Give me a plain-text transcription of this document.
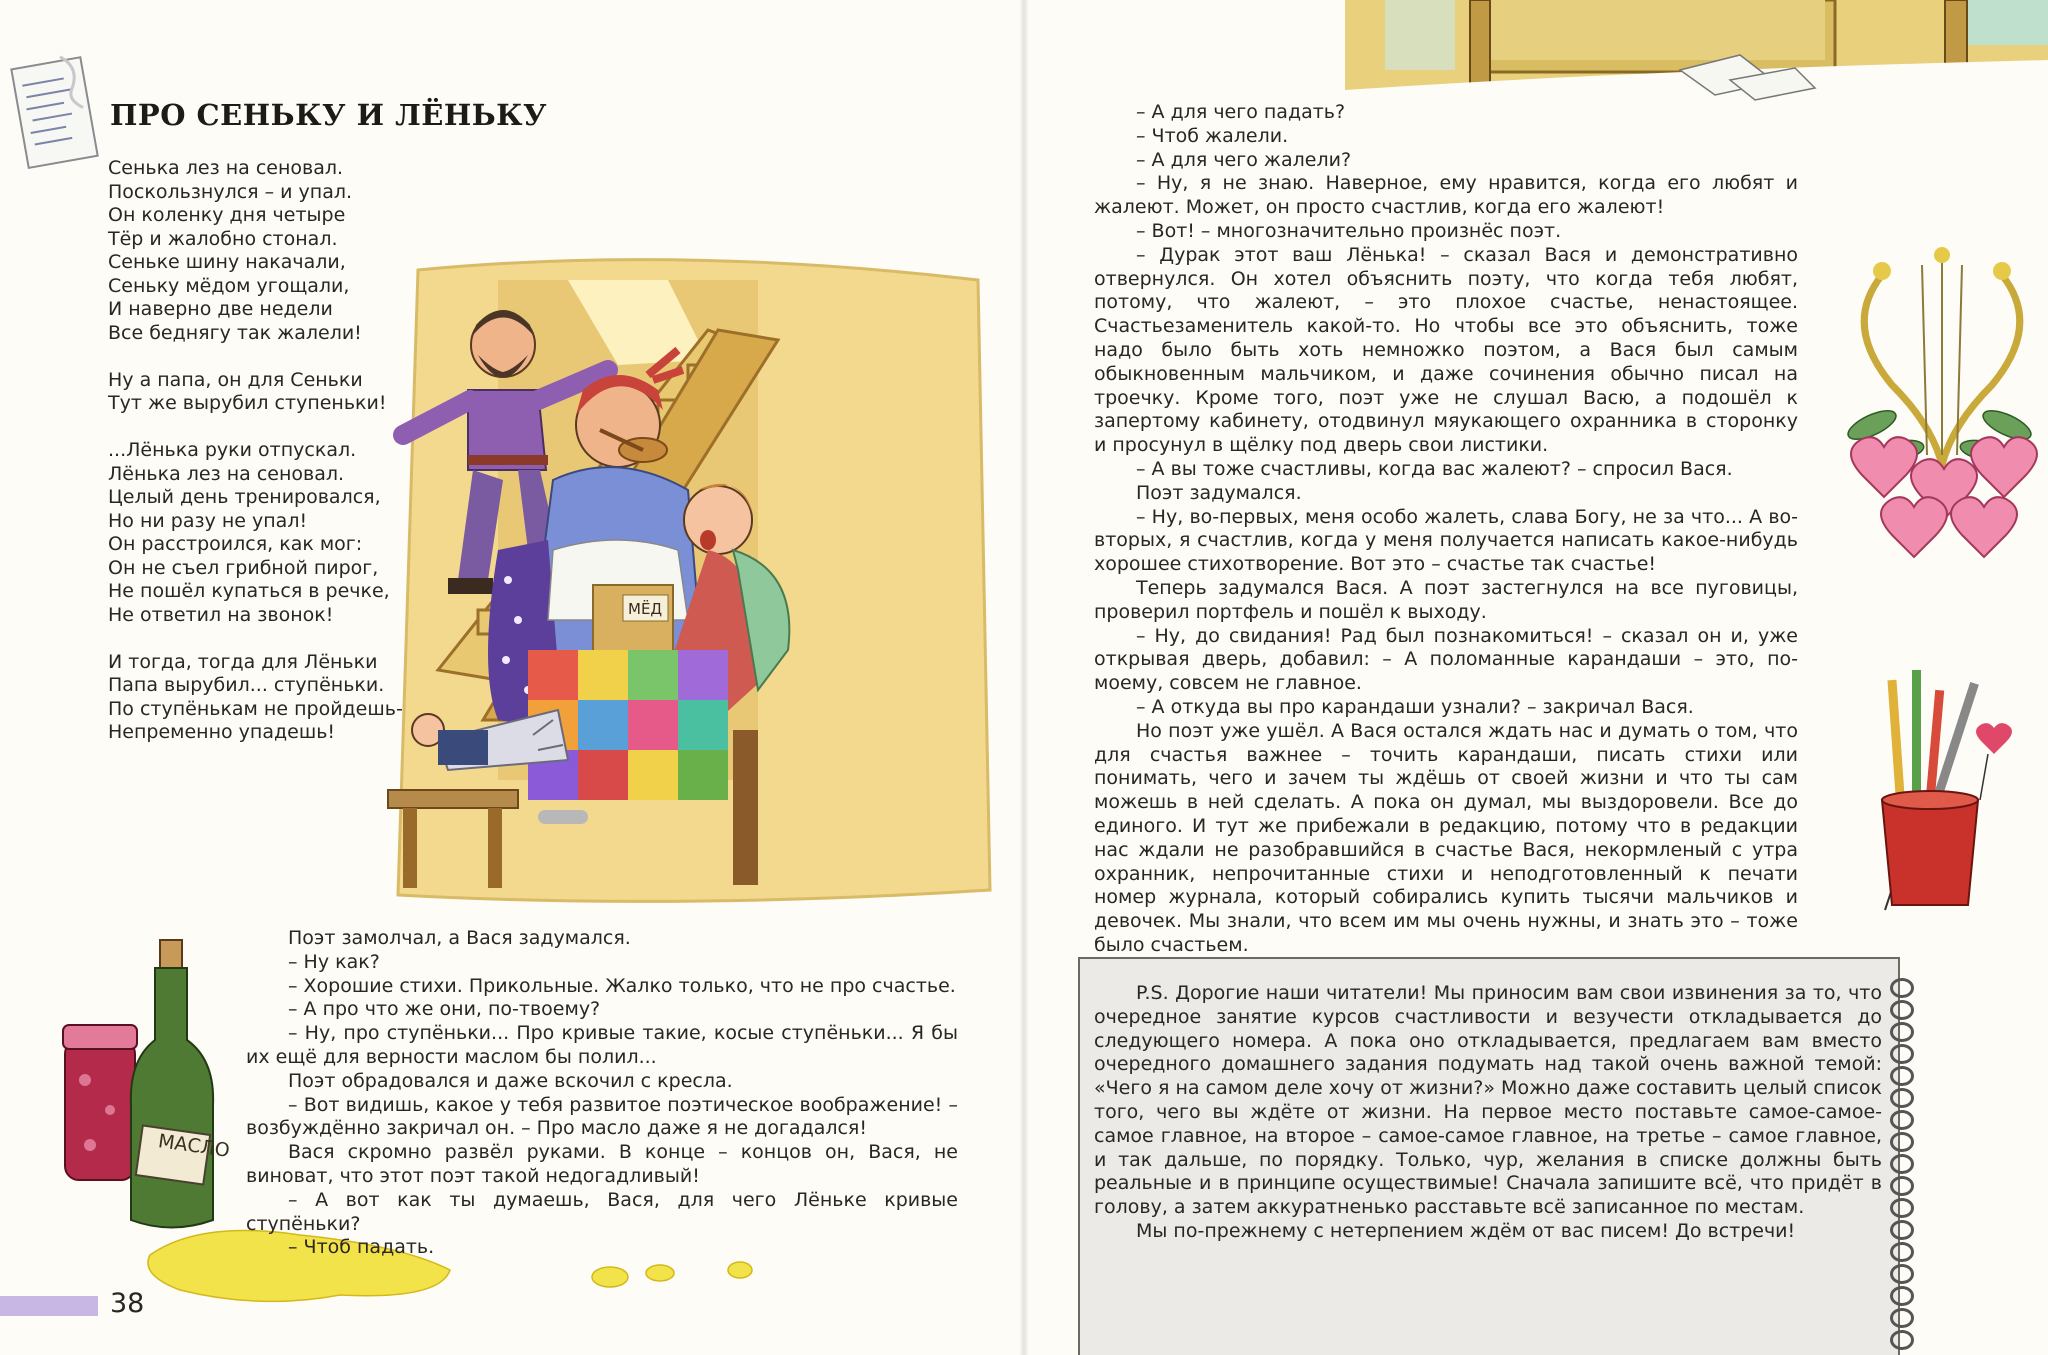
ПРО СЕНЬКУ И ЛЁНЬКУ
Сенька лез на сеновал.
Поскользнулся – и упал.
Он коленку дня четыре
Тёр и жалобно стонал.
Сеньке шину накачали,
Сеньку мёдом угощали,
И наверно две недели
Все беднягу так жалели!

Ну а папа, он для Сеньки
Тут же вырубил ступеньки!

...Лёнька руки отпускал.
Лёнька лез на сеновал.
Целый день тренировался,
Но ни разу не упал!
Он расстроился, как мог:
Он не съел грибной пирог,
Не пошёл купаться в речке,
Не ответил на звонок!

И тогда, тогда для Лёньки
Папа вырубил... ступёньки.
По ступёнькам не пройдешь-
Непременно упадешь!
МЁД
МАСЛО

Поэт замолчал, а Вася задумался.

– Ну как?

– Хорошие стихи. Прикольные. Жалко только, что не про счастье.

– А про что же они, по-твоему?

– Ну, про ступёньки... Про кривые такие, косые ступёньки... Я бы их ещё для верности маслом бы полил...

Поэт обрадовался и даже вскочил с кресла.

– Вот видишь, какое у тебя развитое поэтическое воображение! – возбуждённо закричал он. – Про масло даже я не догадался!

Вася скромно развёл руками. В конце – концов он, Вася, не виноват, что этот поэт такой недогадливый!

– А вот как ты думаешь, Вася, для чего Лёньке кривые ступёньки?

– Чтоб падать.

38

– А для чего падать?

– Чтоб жалели.

– А для чего жалели?

– Ну, я не знаю. Наверное, ему нравится, когда его любят и жалеют. Может, он просто счастлив, когда его жалеют!

– Вот! – многозначительно произнёс поэт.

– Дурак этот ваш Лёнька! – сказал Вася и демонстративно отвернулся. Он хотел объяснить поэту, что когда тебя любят, потому, что жалеют, – это плохое счастье, ненастоящее. Счастьезаменитель какой-то. Но чтобы все это объяснить, тоже надо было быть хоть немножко поэтом, а Вася был самым обыкновенным мальчиком, и даже сочинения обычно писал на троечку. Кроме того, поэт уже не слушал Васю, а подошёл к запертому кабинету, отодвинул мяукающего охранника в сторонку и просунул в щёлку под дверь свои листики.

– А вы тоже счастливы, когда вас жалеют? – спросил Вася.

Поэт задумался.

– Ну, во-первых, меня особо жалеть, слава Богу, не за что... А во-вторых, я счастлив, когда у меня получается написать какое-нибудь хорошее стихотворение. Вот это – счастье так счастье!

Теперь задумался Вася. А поэт застегнулся на все пуговицы, проверил портфель и пошёл к выходу.

– Ну, до свидания! Рад был познакомиться! – сказал он и, уже открывая дверь, добавил: – А поломанные карандаши – это, по-моему, совсем не главное.

– А откуда вы про карандаши узнали? – закричал Вася.

Но поэт уже ушёл. А Вася остался ждать нас и думать о том, что для счастья важнее – точить карандаши, писать стихи или понимать, чего и зачем ты ждёшь от своей жизни и что ты сам можешь в ней сделать. А пока он думал, мы выздоровели. Все до единого. И тут же прибежали в редакцию, потому что в редакции нас ждали не разобравшийся в счастье Вася, некормленый с утра охранник, непрочитанные стихи и неподготовленный к печати номер журнала, который собирались купить тысячи мальчиков и девочек. Мы знали, что всем им мы очень нужны, и знать это – тоже было счастьем.

P.S. Дорогие наши читатели! Мы приносим вам свои извинения за то, что очередное занятие курсов счастливости и везучести откладывается до следующего номера. А пока оно откладывается, предлагаем вам вместо очередного домашнего задания подумать над такой очень важной темой: «Чего я на самом деле хочу от жизни?» Можно даже составить целый список того, чего вы ждёте от жизни. На первое место поставьте самое-самое-самое главное, на второе – самое-самое главное, на третье – самое главное, и так дальше, по порядку. Только, чур, желания в списке должны быть реальные и в принципе осуществимые! Сначала запишите всё, что придёт в голову, а затем аккуратненько расставьте всё записанное по местам.

Мы по-прежнему с нетерпением ждём от вас писем! До встречи!
